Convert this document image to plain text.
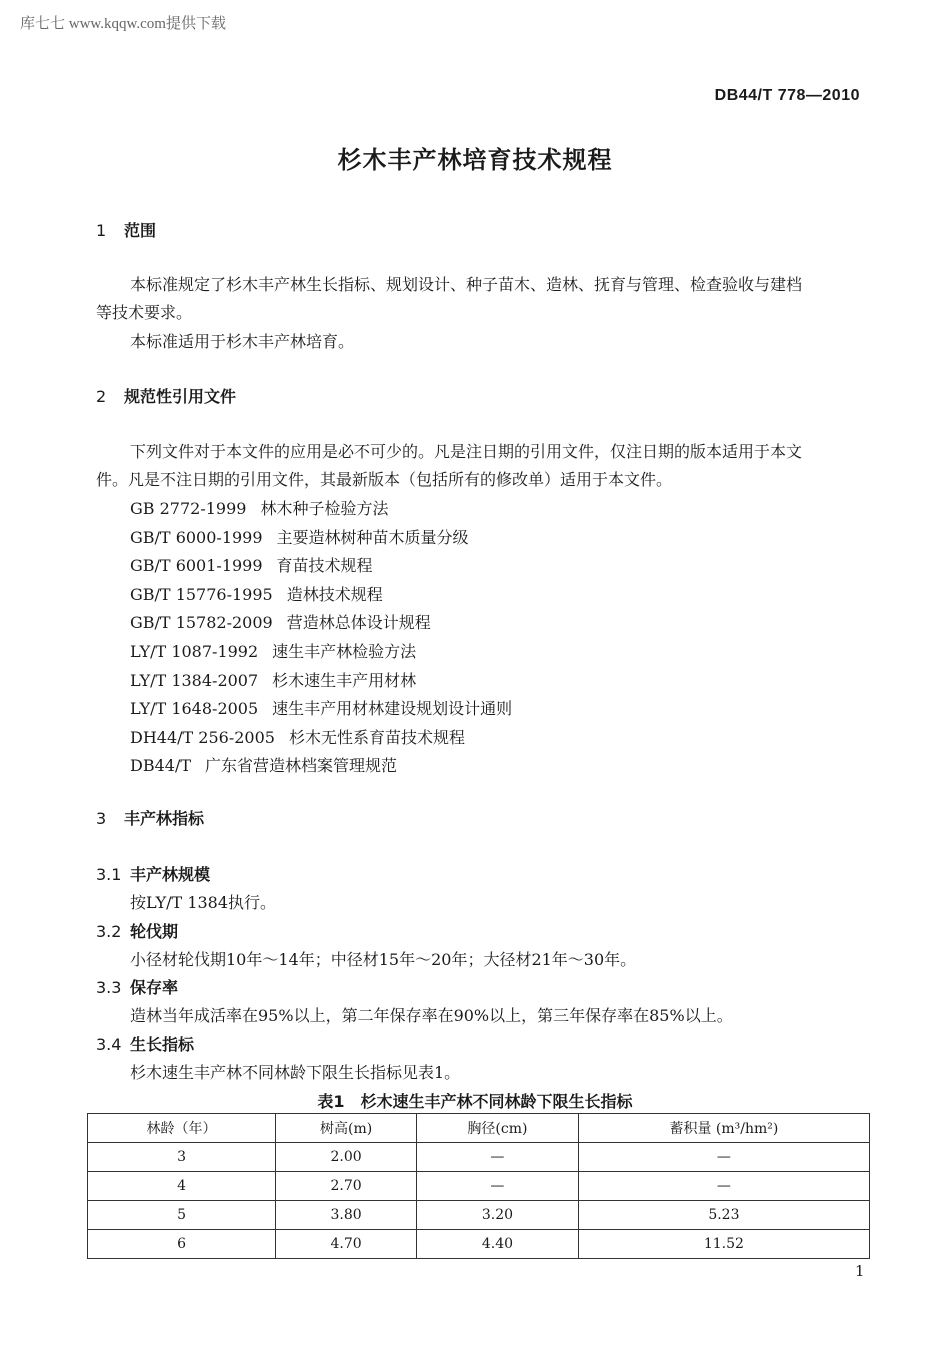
库七七 www.kqqw.com提供下载
DB44/T 778—2010
杉木丰产林培育技术规程
1 范围
本标准规定了杉木丰产林生长指标、规划设计、种子苗木、造林、抚育与管理、检查验收与建档
等技术要求。
本标准适用于杉木丰产林培育。
2 规范性引用文件
下列文件对于本文件的应用是必不可少的。凡是注日期的引用文件，仅注日期的版本适用于本文
件。凡是不注日期的引用文件，其最新版本（包括所有的修改单）适用于本文件。
GB 2772-1999 林木种子检验方法
GB/T 6000-1999 主要造林树种苗木质量分级
GB/T 6001-1999 育苗技术规程
GB/T 15776-1995 造林技术规程
GB/T 15782-2009 营造林总体设计规程
LY/T 1087-1992 速生丰产林检验方法
LY/T 1384-2007 杉木速生丰产用材林
LY/T 1648-2005 速生丰产用材林建设规划设计通则
DH44/T 256-2005 杉木无性系育苗技术规程
DB44/T 广东省营造林档案管理规范
3 丰产林指标
3.1 丰产林规模
按LY/T 1384执行。
3.2 轮伐期
小径材轮伐期10年～14年；中径材15年～20年；大径材21年～30年。
3.3 保存率
造林当年成活率在95%以上，第二年保存率在90%以上，第三年保存率在85%以上。
3.4 生长指标
杉木速生丰产林不同林龄下限生长指标见表1。
表1　杉木速生丰产林不同林龄下限生长指标
林龄（年）	树高(m)	胸径(cm)	蓄积量 (m³/hm²)
3	2.00	—	—
4	2.70	—	—
5	3.80	3.20	5.23
6	4.70	4.40	11.52
1
